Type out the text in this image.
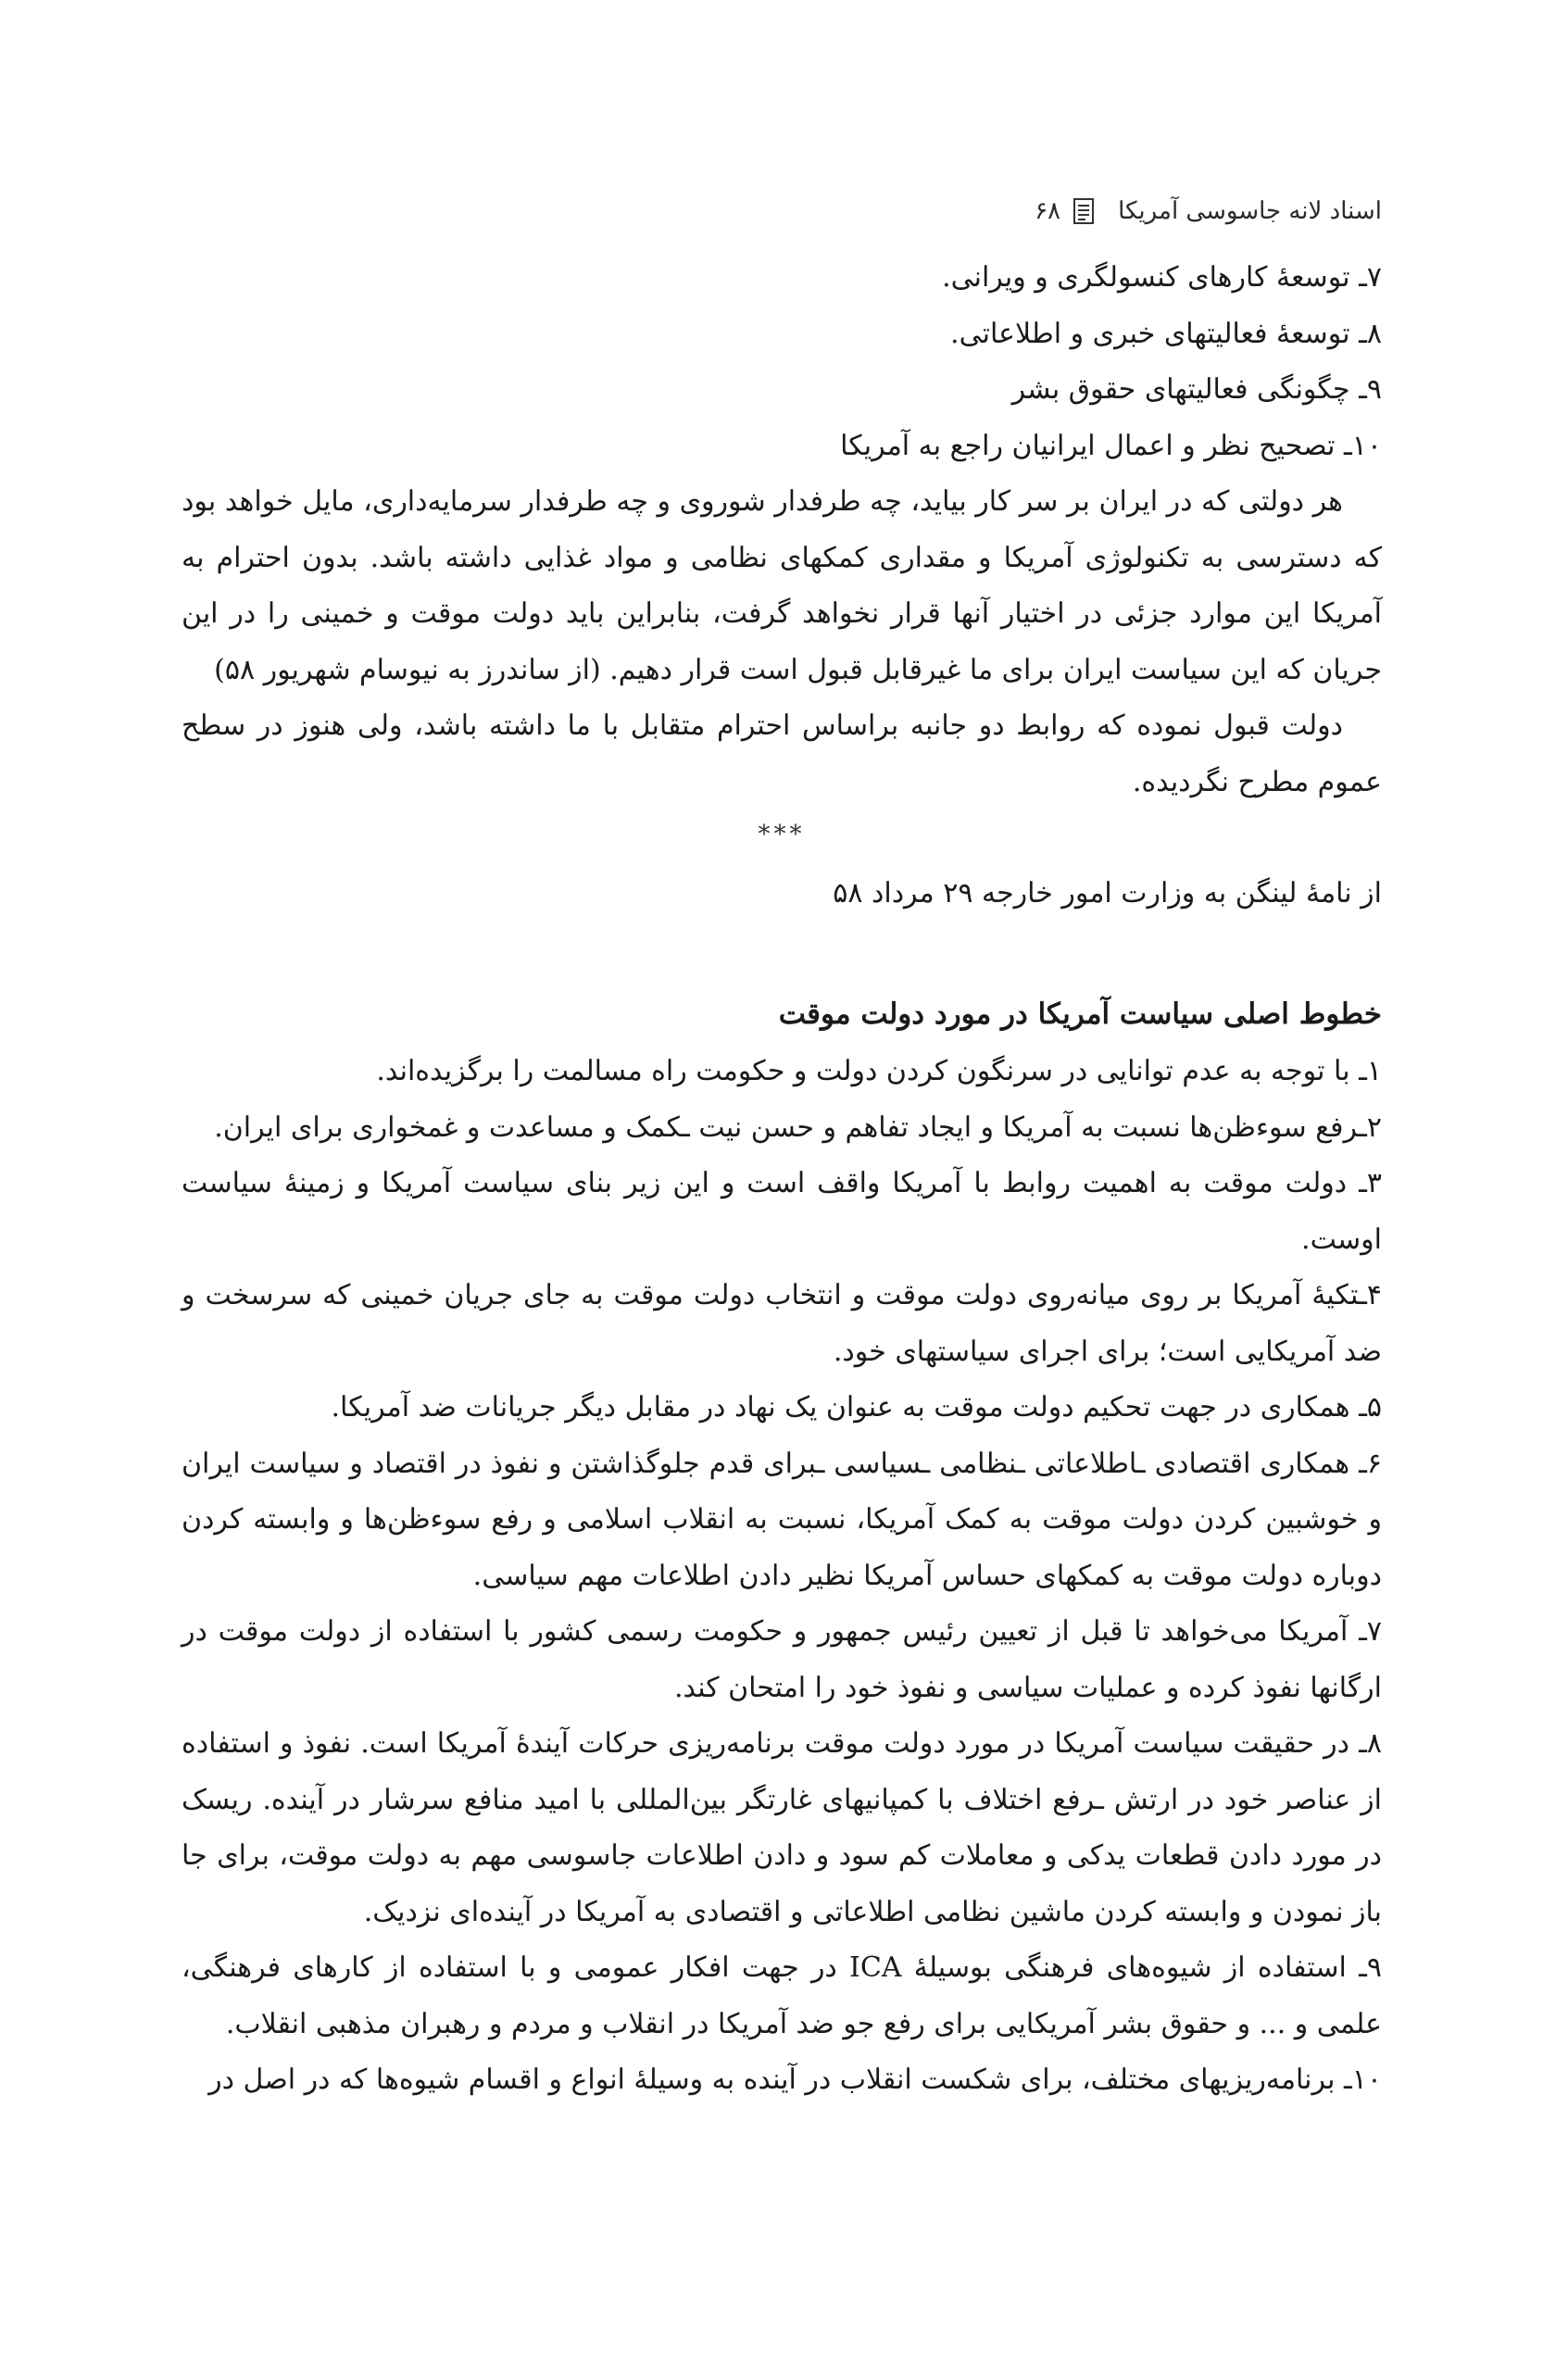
اسناد لانه جاسوسی آمریکا
۶۸

۷ـ توسعهٔ کارهای کنسولگری و ویرانی.

۸ـ توسعهٔ فعالیتهای خبری و اطلاعاتی.

۹ـ چگونگی فعالیتهای حقوق بشر

۱۰ـ تصحیح نظر و اعمال ایرانیان راجع به آمریکا

هر دولتی که در ایران بر سر کار بیاید، چه طرفدار شوروی و چه طرفدار سرمایه‌داری، مایل خواهد بود که دسترسی به تکنولوژی آمریکا و مقداری کمکهای نظامی و مواد غذایی داشته باشد. بدون احترام به آمریکا این موارد جزئی در اختیار آنها قرار نخواهد گرفت، بنابراین باید دولت موقت و خمینی را در این جریان که این سیاست ایران برای ما غیرقابل قبول است قرار دهیم. (از ساندرز به نیوسام شهریور ۵۸)

دولت قبول نموده که روابط دو جانبه براساس احترام متقابل با ما داشته باشد، ولی هنوز در سطح عموم مطرح نگردیده.

***

از نامهٔ لینگن به وزارت امور خارجه ۲۹ مرداد ۵۸

خطوط اصلی سیاست آمریکا در مورد دولت موقت

۱ـ با توجه به عدم توانایی در سرنگون کردن دولت و حکومت راه مسالمت را برگزیده‌اند.

۲ـرفع سوءظن‌ها نسبت به آمریکا و ایجاد تفاهم و حسن نیت ـکمک و مساعدت و غمخواری برای ایران.

۳ـ دولت موقت به اهمیت روابط با آمریکا واقف است و این زیر بنای سیاست آمریکا و زمینهٔ سیاست اوست.

۴ـتکیهٔ آمریکا بر روی میانه‌روی دولت موقت و انتخاب دولت موقت به جای جریان خمینی که سرسخت و ضد آمریکایی است؛ برای اجرای سیاستهای خود.

۵ـ همکاری در جهت تحکیم دولت موقت به عنوان یک نهاد در مقابل دیگر جریانات ضد آمریکا.

۶ـ همکاری اقتصادی ـاطلاعاتی ـنظامی ـسیاسی ـبرای قدم جلوگذاشتن و نفوذ در اقتصاد و سیاست ایران و خوشبین کردن دولت موقت به کمک آمریکا، نسبت به انقلاب اسلامی و رفع سوءظن‌ها و وابسته کردن دوباره دولت موقت به کمکهای حساس آمریکا نظیر دادن اطلاعات مهم سیاسی.

۷ـ آمریکا می‌خواهد تا قبل از تعیین رئیس جمهور و حکومت رسمی کشور با استفاده از دولت موقت در ارگانها نفوذ کرده و عملیات سیاسی و نفوذ خود را امتحان کند.

۸ـ در حقیقت سیاست آمریکا در مورد دولت موقت برنامه‌ریزی حرکات آیندهٔ آمریکا است. نفوذ و استفاده از عناصر خود در ارتش ـرفع اختلاف با کمپانیهای غارتگر بین‌المللی با امید منافع سرشار در آینده. ریسک در مورد دادن قطعات یدکی و معاملات کم سود و دادن اطلاعات جاسوسی مهم به دولت موقت، برای جا باز نمودن و وابسته کردن ماشین نظامی اطلاعاتی و اقتصادی به آمریکا در آینده‌ای نزدیک.

۹ـ استفاده از شیوه‌های فرهنگی بوسیلهٔ ICA در جهت افکار عمومی و با استفاده از کارهای فرهنگی، علمی و ... و حقوق بشر آمریکایی برای رفع جو ضد آمریکا در انقلاب و مردم و رهبران مذهبی انقلاب.

۱۰ـ برنامه‌ریزیهای مختلف، برای شکست انقلاب در آینده به وسیلهٔ انواع و اقسام شیوه‌ها که در اصل در
